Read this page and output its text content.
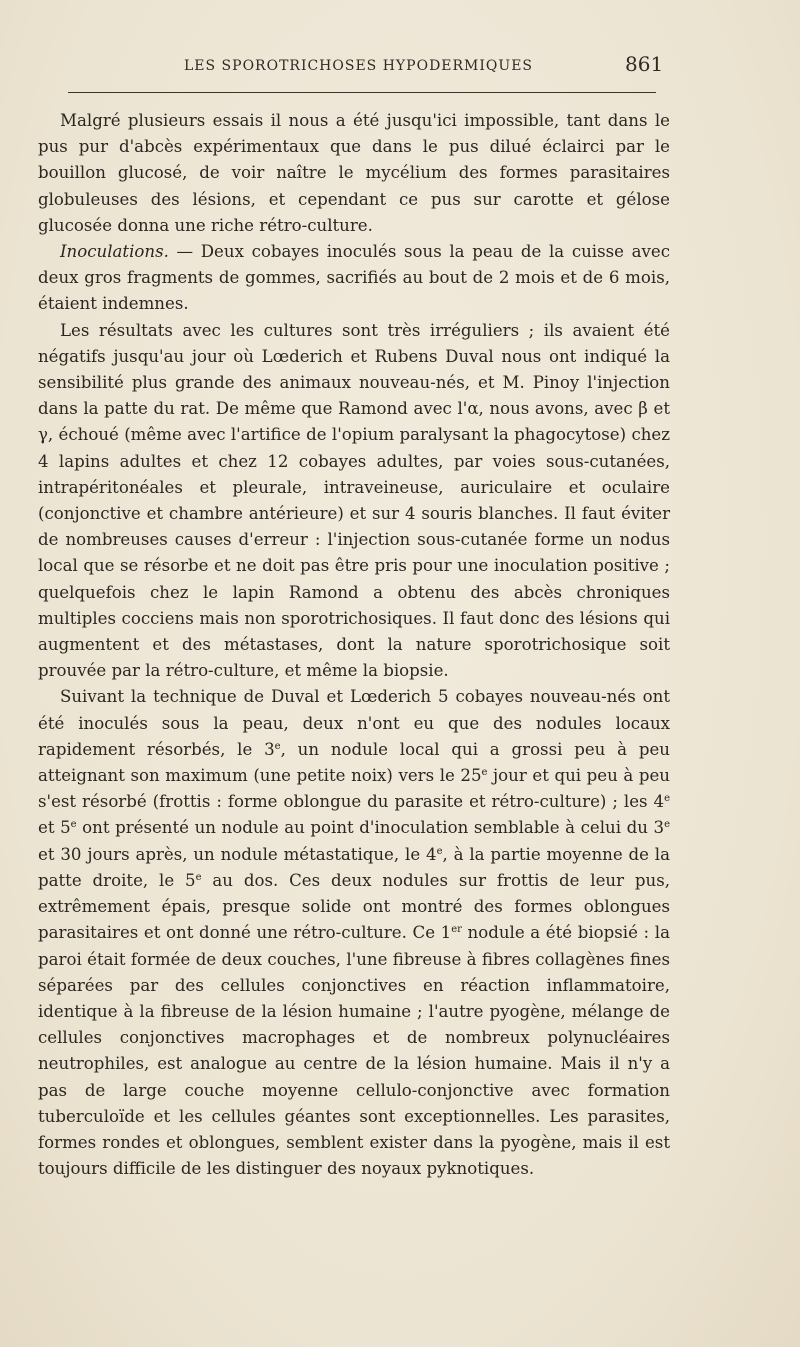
LES SPOROTRICHOSES HYPODERMIQUES	861

Malgré plusieurs essais il nous a été jusqu'ici impossible, tant dans le pus pur d'abcès expérimentaux que dans le pus dilué éclairci par le bouillon glucosé, de voir naître le mycélium des formes parasitaires globuleuses des lésions, et cependant ce pus sur carotte et gélose glucosée donna une riche rétro-culture.

Inoculations. — Deux cobayes inoculés sous la peau de la cuisse avec deux gros fragments de gommes, sacrifiés au bout de 2 mois et de 6 mois, étaient indemnes.

Les résultats avec les cultures sont très irréguliers ; ils avaient été négatifs jusqu'au jour où Lœderich et Rubens Duval nous ont indiqué la sensibilité plus grande des animaux nouveau-nés, et M. Pinoy l'injection dans la patte du rat. De même que Ramond avec l'α, nous avons, avec β et γ, échoué (même avec l'artifice de l'opium paralysant la phagocytose) chez 4 lapins adultes et chez 12 cobayes adultes, par voies sous-cutanées, intrapéritonéales et pleurale, intraveineuse, auriculaire et oculaire (conjonctive et chambre antérieure) et sur 4 souris blanches. Il faut éviter de nombreuses causes d'erreur : l'injection sous-cutanée forme un nodus local que se résorbe et ne doit pas être pris pour une inoculation positive ; quelquefois chez le lapin Ramond a obtenu des abcès chroniques multiples cocciens mais non sporotrichosiques. Il faut donc des lésions qui augmentent et des métastases, dont la nature sporotrichosique soit prouvée par la rétro-culture, et même la biopsie.

Suivant la technique de Duval et Lœderich 5 cobayes nouveau-nés ont été inoculés sous la peau, deux n'ont eu que des nodules locaux rapidement résorbés, le 3e, un nodule local qui a grossi peu à peu atteignant son maximum (une petite noix) vers le 25e jour et qui peu à peu s'est résorbé (frottis : forme oblongue du parasite et rétro-culture) ; les 4e et 5e ont présenté un nodule au point d'inoculation semblable à celui du 3e et 30 jours après, un nodule métastatique, le 4e, à la partie moyenne de la patte droite, le 5e au dos. Ces deux nodules sur frottis de leur pus, extrêmement épais, presque solide ont montré des formes oblongues parasitaires et ont donné une rétro-culture. Ce 1er nodule a été biopsié : la paroi était formée de deux couches, l'une fibreuse à fibres collagènes fines séparées par des cellules conjonctives en réaction inflammatoire, identique à la fibreuse de la lésion humaine ; l'autre pyogène, mélange de cellules conjonctives macrophages et de nombreux polynucléaires neutrophiles, est analogue au centre de la lésion humaine. Mais il n'y a pas de large couche moyenne cellulo-conjonctive avec formation tuberculoïde et les cellules géantes sont exceptionnelles. Les parasites, formes rondes et oblongues, semblent exister dans la pyogène, mais il est toujours difficile de les distinguer des noyaux pyknotiques.
